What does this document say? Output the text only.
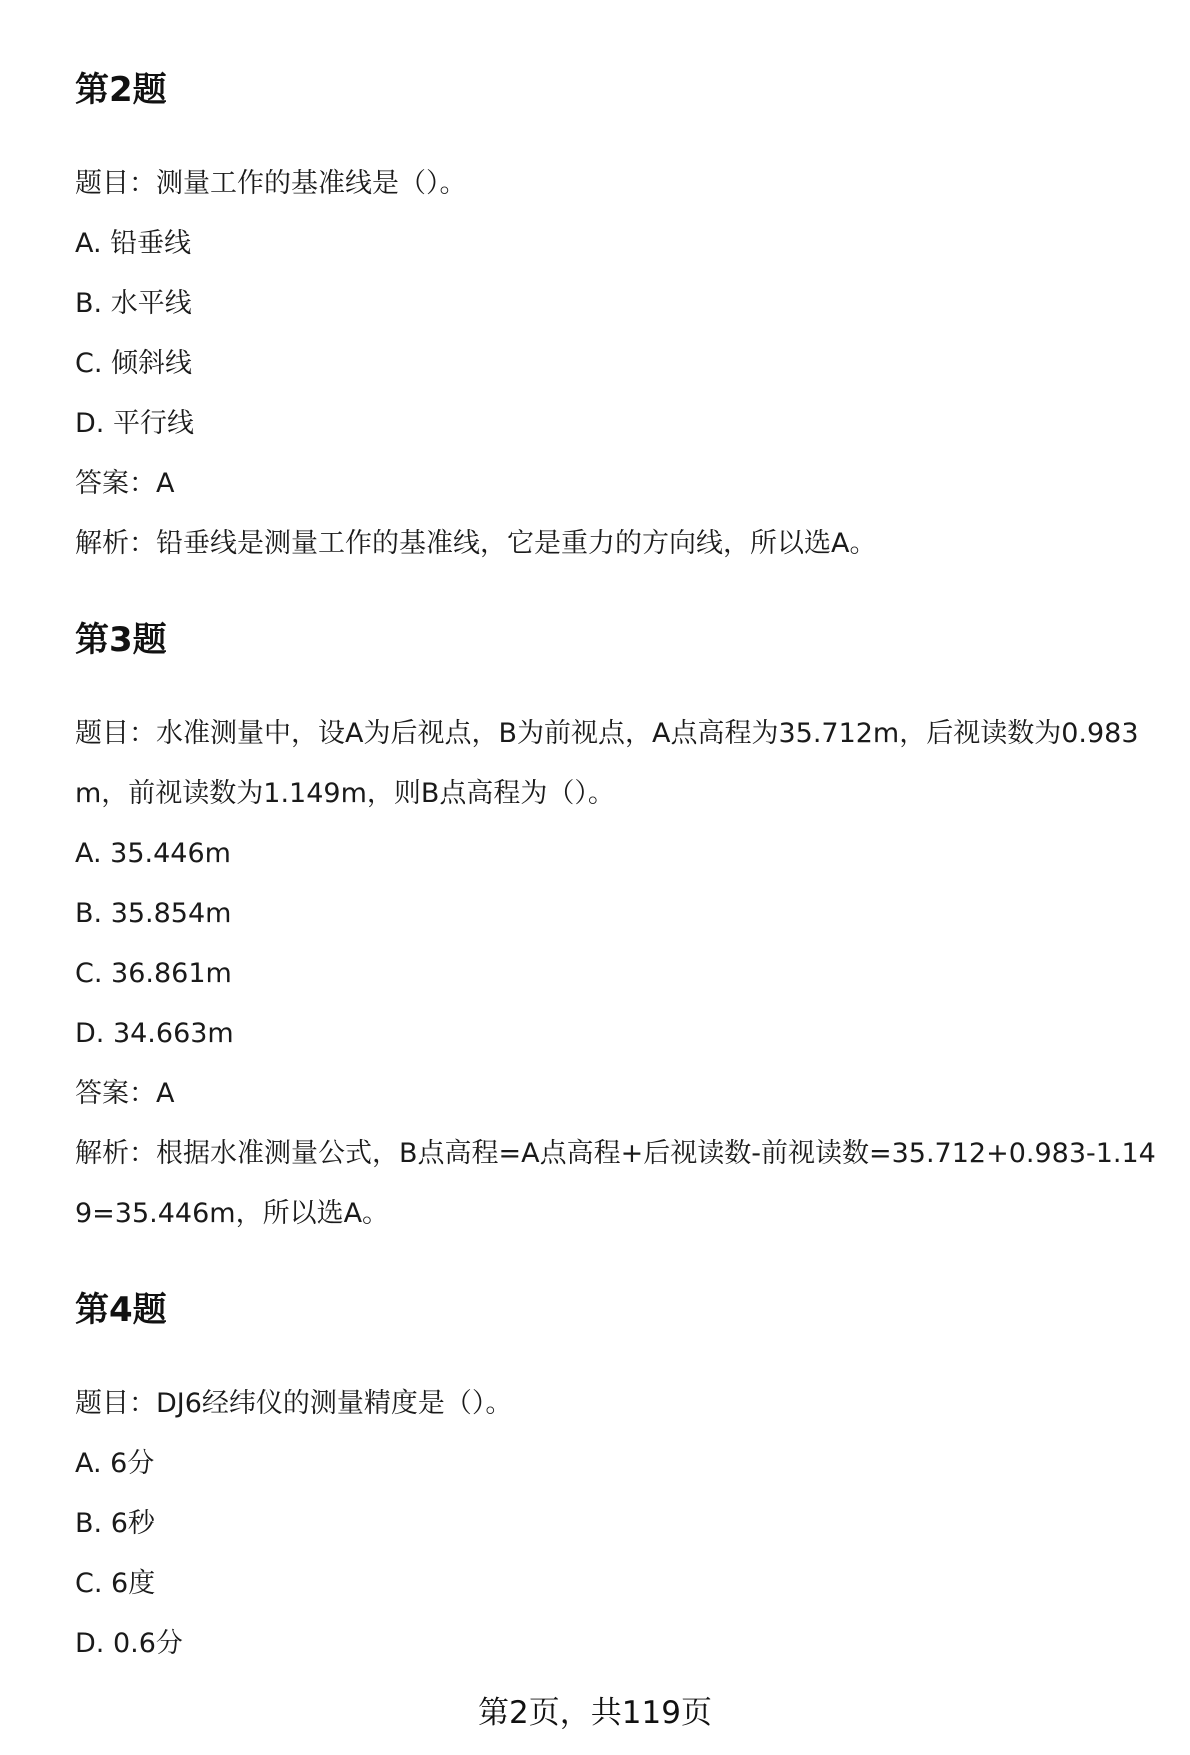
第2题

题目：测量工作的基准线是（）。

A. 铅垂线

B. 水平线

C. 倾斜线

D. 平行线

答案：A

解析：铅垂线是测量工作的基准线，它是重力的方向线，所以选A。

第3题

题目：水准测量中，设A为后视点，B为前视点，A点高程为35.712m，后视读数为0.983m，前视读数为1.149m，则B点高程为（）。

A. 35.446m

B. 35.854m

C. 36.861m

D. 34.663m

答案：A

解析：根据水准测量公式，B点高程=A点高程+后视读数-前视读数=35.712+0.983-1.149=35.446m，所以选A。

第4题

题目：DJ6经纬仪的测量精度是（）。

A. 6分

B. 6秒

C. 6度

D. 0.6分

第2页，共119页
